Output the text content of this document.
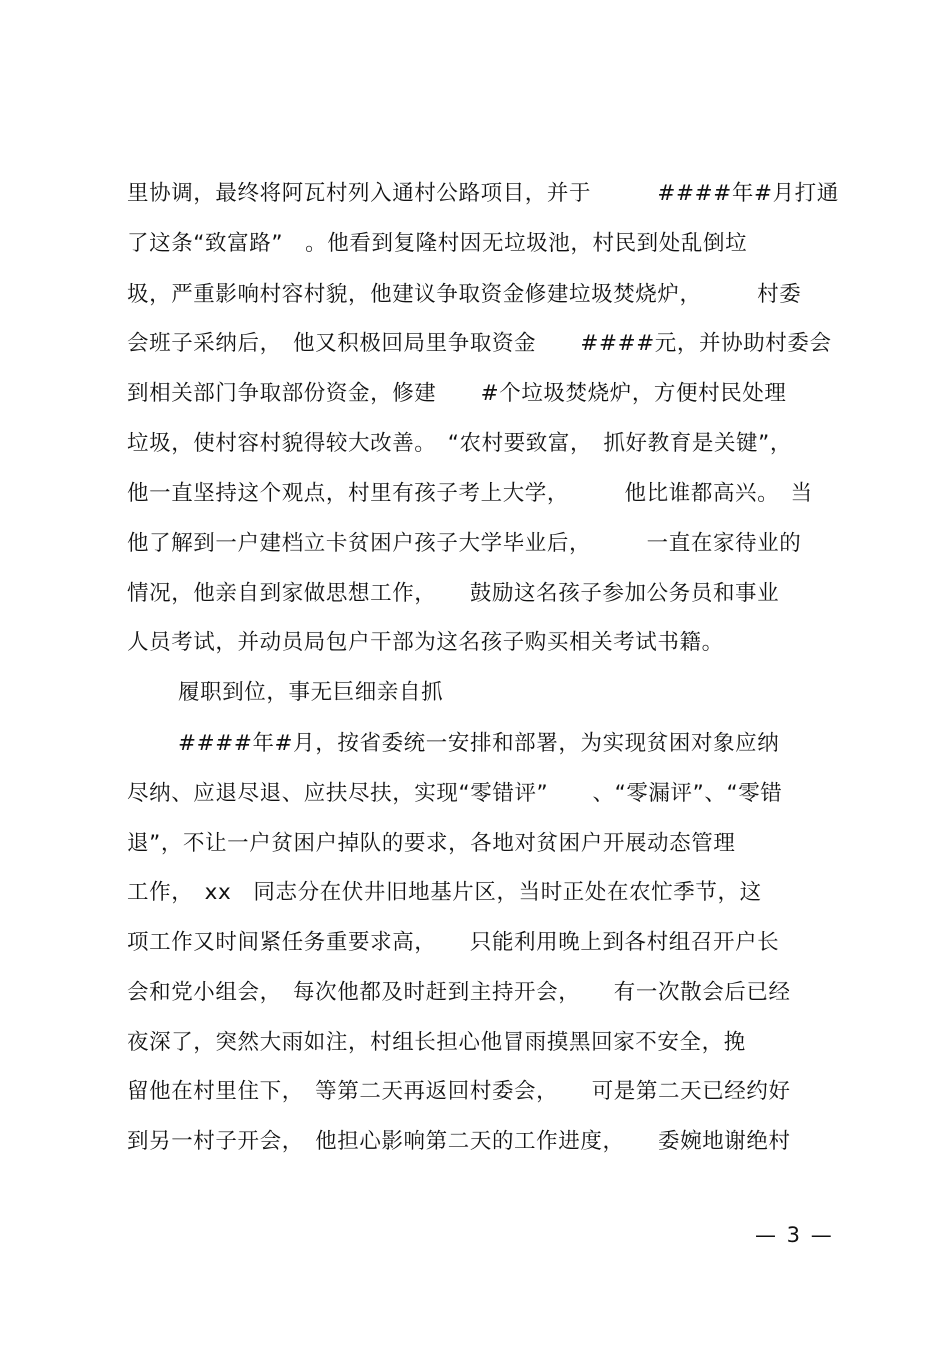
里协调，最终将阿瓦村列入通村公路项目，并于　　　####年#月打通
了这条“致富路”　。他看到复隆村因无垃圾池，村民到处乱倒垃
圾，严重影响村容村貌，他建议争取资金修建垃圾焚烧炉，　　　村委
会班子采纳后，　他又积极回局里争取资金　　####元，并协助村委会
到相关部门争取部份资金，修建　　#个垃圾焚烧炉，方便村民处理
垃圾，使村容村貌得较大改善。　“农村要致富，　抓好教育是关键”，
他一直坚持这个观点，村里有孩子考上大学，　　　他比谁都高兴。　当
他了解到一户建档立卡贫困户孩子大学毕业后，　　　一直在家待业的
情况，他亲自到家做思想工作，　　鼓励这名孩子参加公务员和事业
人员考试，并动员局包户干部为这名孩子购买相关考试书籍。
履职到位，事无巨细亲自抓
####年#月，按省委统一安排和部署，为实现贫困对象应纳
尽纳、应退尽退、应扶尽扶，实现“零错评”　　、“零漏评”、“零错
退”，不让一户贫困户掉队的要求，各地对贫困户开展动态管理
工作，　xx　同志分在伏井旧地基片区，当时正处在农忙季节，这
项工作又时间紧任务重要求高，　　只能利用晚上到各村组召开户长
会和党小组会，　每次他都及时赶到主持开会，　　有一次散会后已经
夜深了，突然大雨如注，村组长担心他冒雨摸黑回家不安全，挽
留他在村里住下，　等第二天再返回村委会，　　可是第二天已经约好
到另一村子开会，　他担心影响第二天的工作进度，　　委婉地谢绝村
— 3 —
